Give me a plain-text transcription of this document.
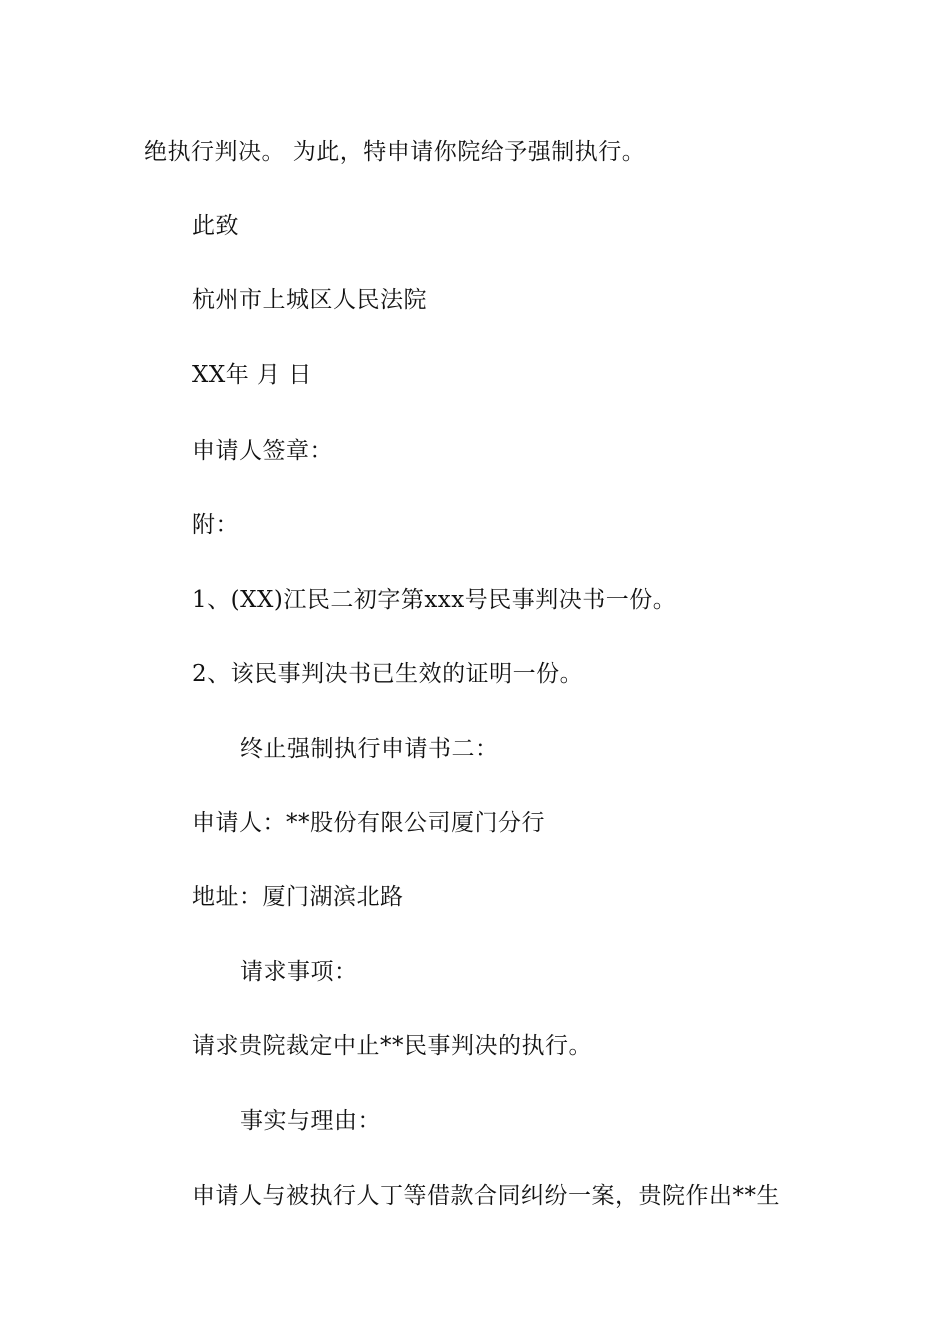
绝执行判决。 为此，特申请你院给予强制执行。
此致
杭州市上城区人民法院
XX年 月 日
申请人签章：
附：
1、(XX)江民二初字第xxx号民事判决书一份。
2、该民事判决书已生效的证明一份。
终止强制执行申请书二：
申请人：**股份有限公司厦门分行
地址：厦门湖滨北路
请求事项：
请求贵院裁定中止**民事判决的执行。
事实与理由：
申请人与被执行人丁等借款合同纠纷一案，贵院作出**生
